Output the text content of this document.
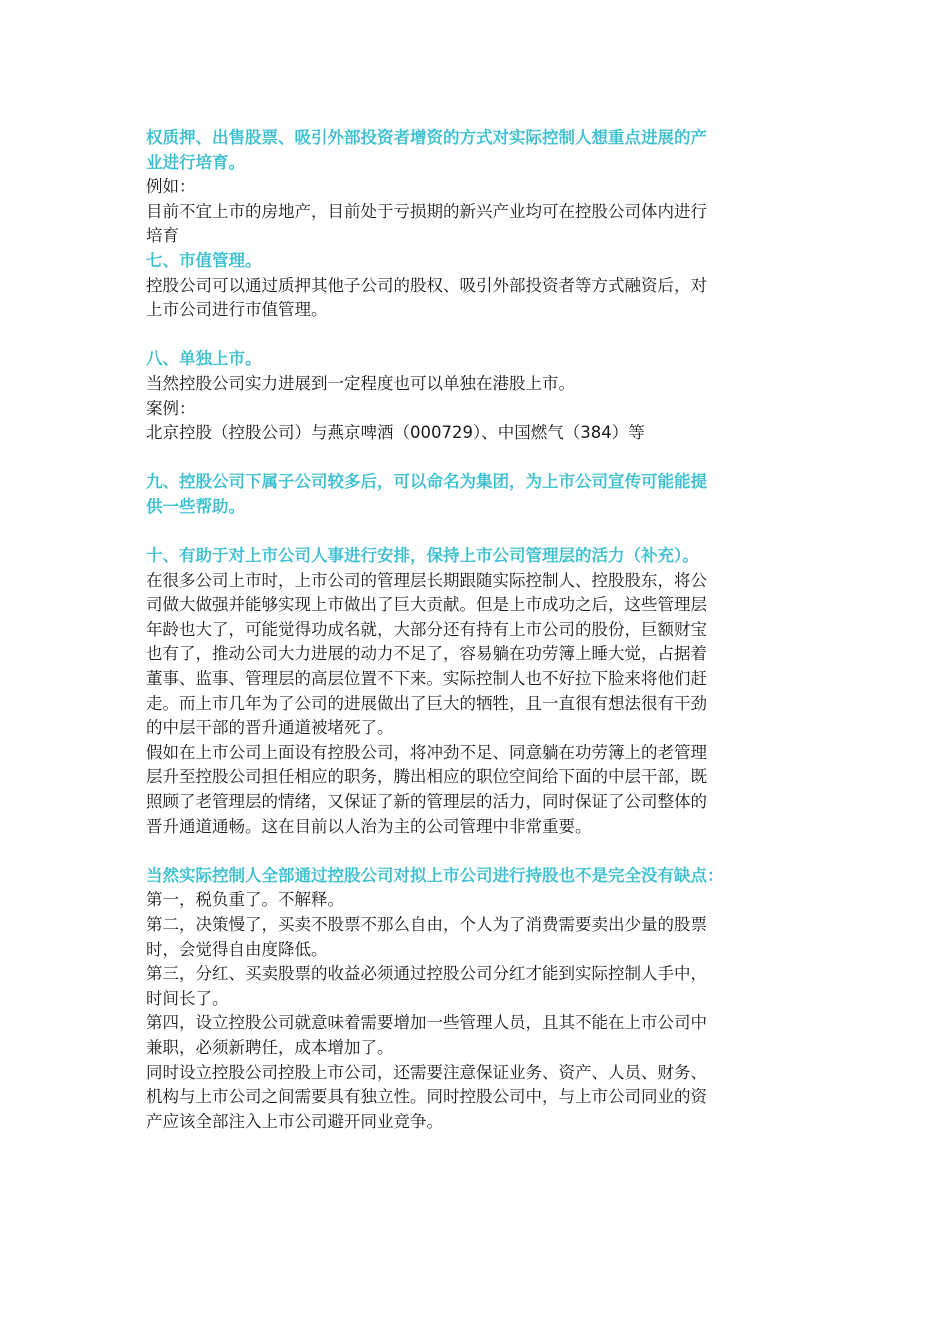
权质押、出售股票、吸引外部投资者增资的方式对实际控制人想重点进展的产
业进行培育。
例如：
目前不宜上市的房地产，目前处于亏损期的新兴产业均可在控股公司体内进行
培育
七、市值管理。
控股公司可以通过质押其他子公司的股权、吸引外部投资者等方式融资后，对
上市公司进行市值管理。
八、单独上市。
当然控股公司实力进展到一定程度也可以单独在港股上市。
案例：
北京控股（控股公司）与燕京啤酒（000729）、中国燃气（384）等
九、控股公司下属子公司较多后，可以命名为集团，为上市公司宣传可能能提
供一些帮助。
十、有助于对上市公司人事进行安排，保持上市公司管理层的活力（补充）。
在很多公司上市时，上市公司的管理层长期跟随实际控制人、控股股东，将公
司做大做强并能够实现上市做出了巨大贡献。但是上市成功之后，这些管理层
年龄也大了，可能觉得功成名就，大部分还有持有上市公司的股份，巨额财宝
也有了，推动公司大力进展的动力不足了，容易躺在功劳簿上睡大觉，占据着
董事、监事、管理层的高层位置不下来。实际控制人也不好拉下脸来将他们赶
走。而上市几年为了公司的进展做出了巨大的牺牲，且一直很有想法很有干劲
的中层干部的晋升通道被堵死了。
假如在上市公司上面设有控股公司，将冲劲不足、同意躺在功劳簿上的老管理
层升至控股公司担任相应的职务，腾出相应的职位空间给下面的中层干部，既
照顾了老管理层的情绪，又保证了新的管理层的活力，同时保证了公司整体的
晋升通道通畅。这在目前以人治为主的公司管理中非常重要。
当然实际控制人全部通过控股公司对拟上市公司进行持股也不是完全没有缺点：
第一，税负重了。不解释。
第二，决策慢了，买卖不股票不那么自由，个人为了消费需要卖出少量的股票
时，会觉得自由度降低。
第三，分红、买卖股票的收益必须通过控股公司分红才能到实际控制人手中，
时间长了。
第四，设立控股公司就意味着需要增加一些管理人员，且其不能在上市公司中
兼职，必须新聘任，成本增加了。
同时设立控股公司控股上市公司，还需要注意保证业务、资产、人员、财务、
机构与上市公司之间需要具有独立性。同时控股公司中，与上市公司同业的资
产应该全部注入上市公司避开同业竞争。
